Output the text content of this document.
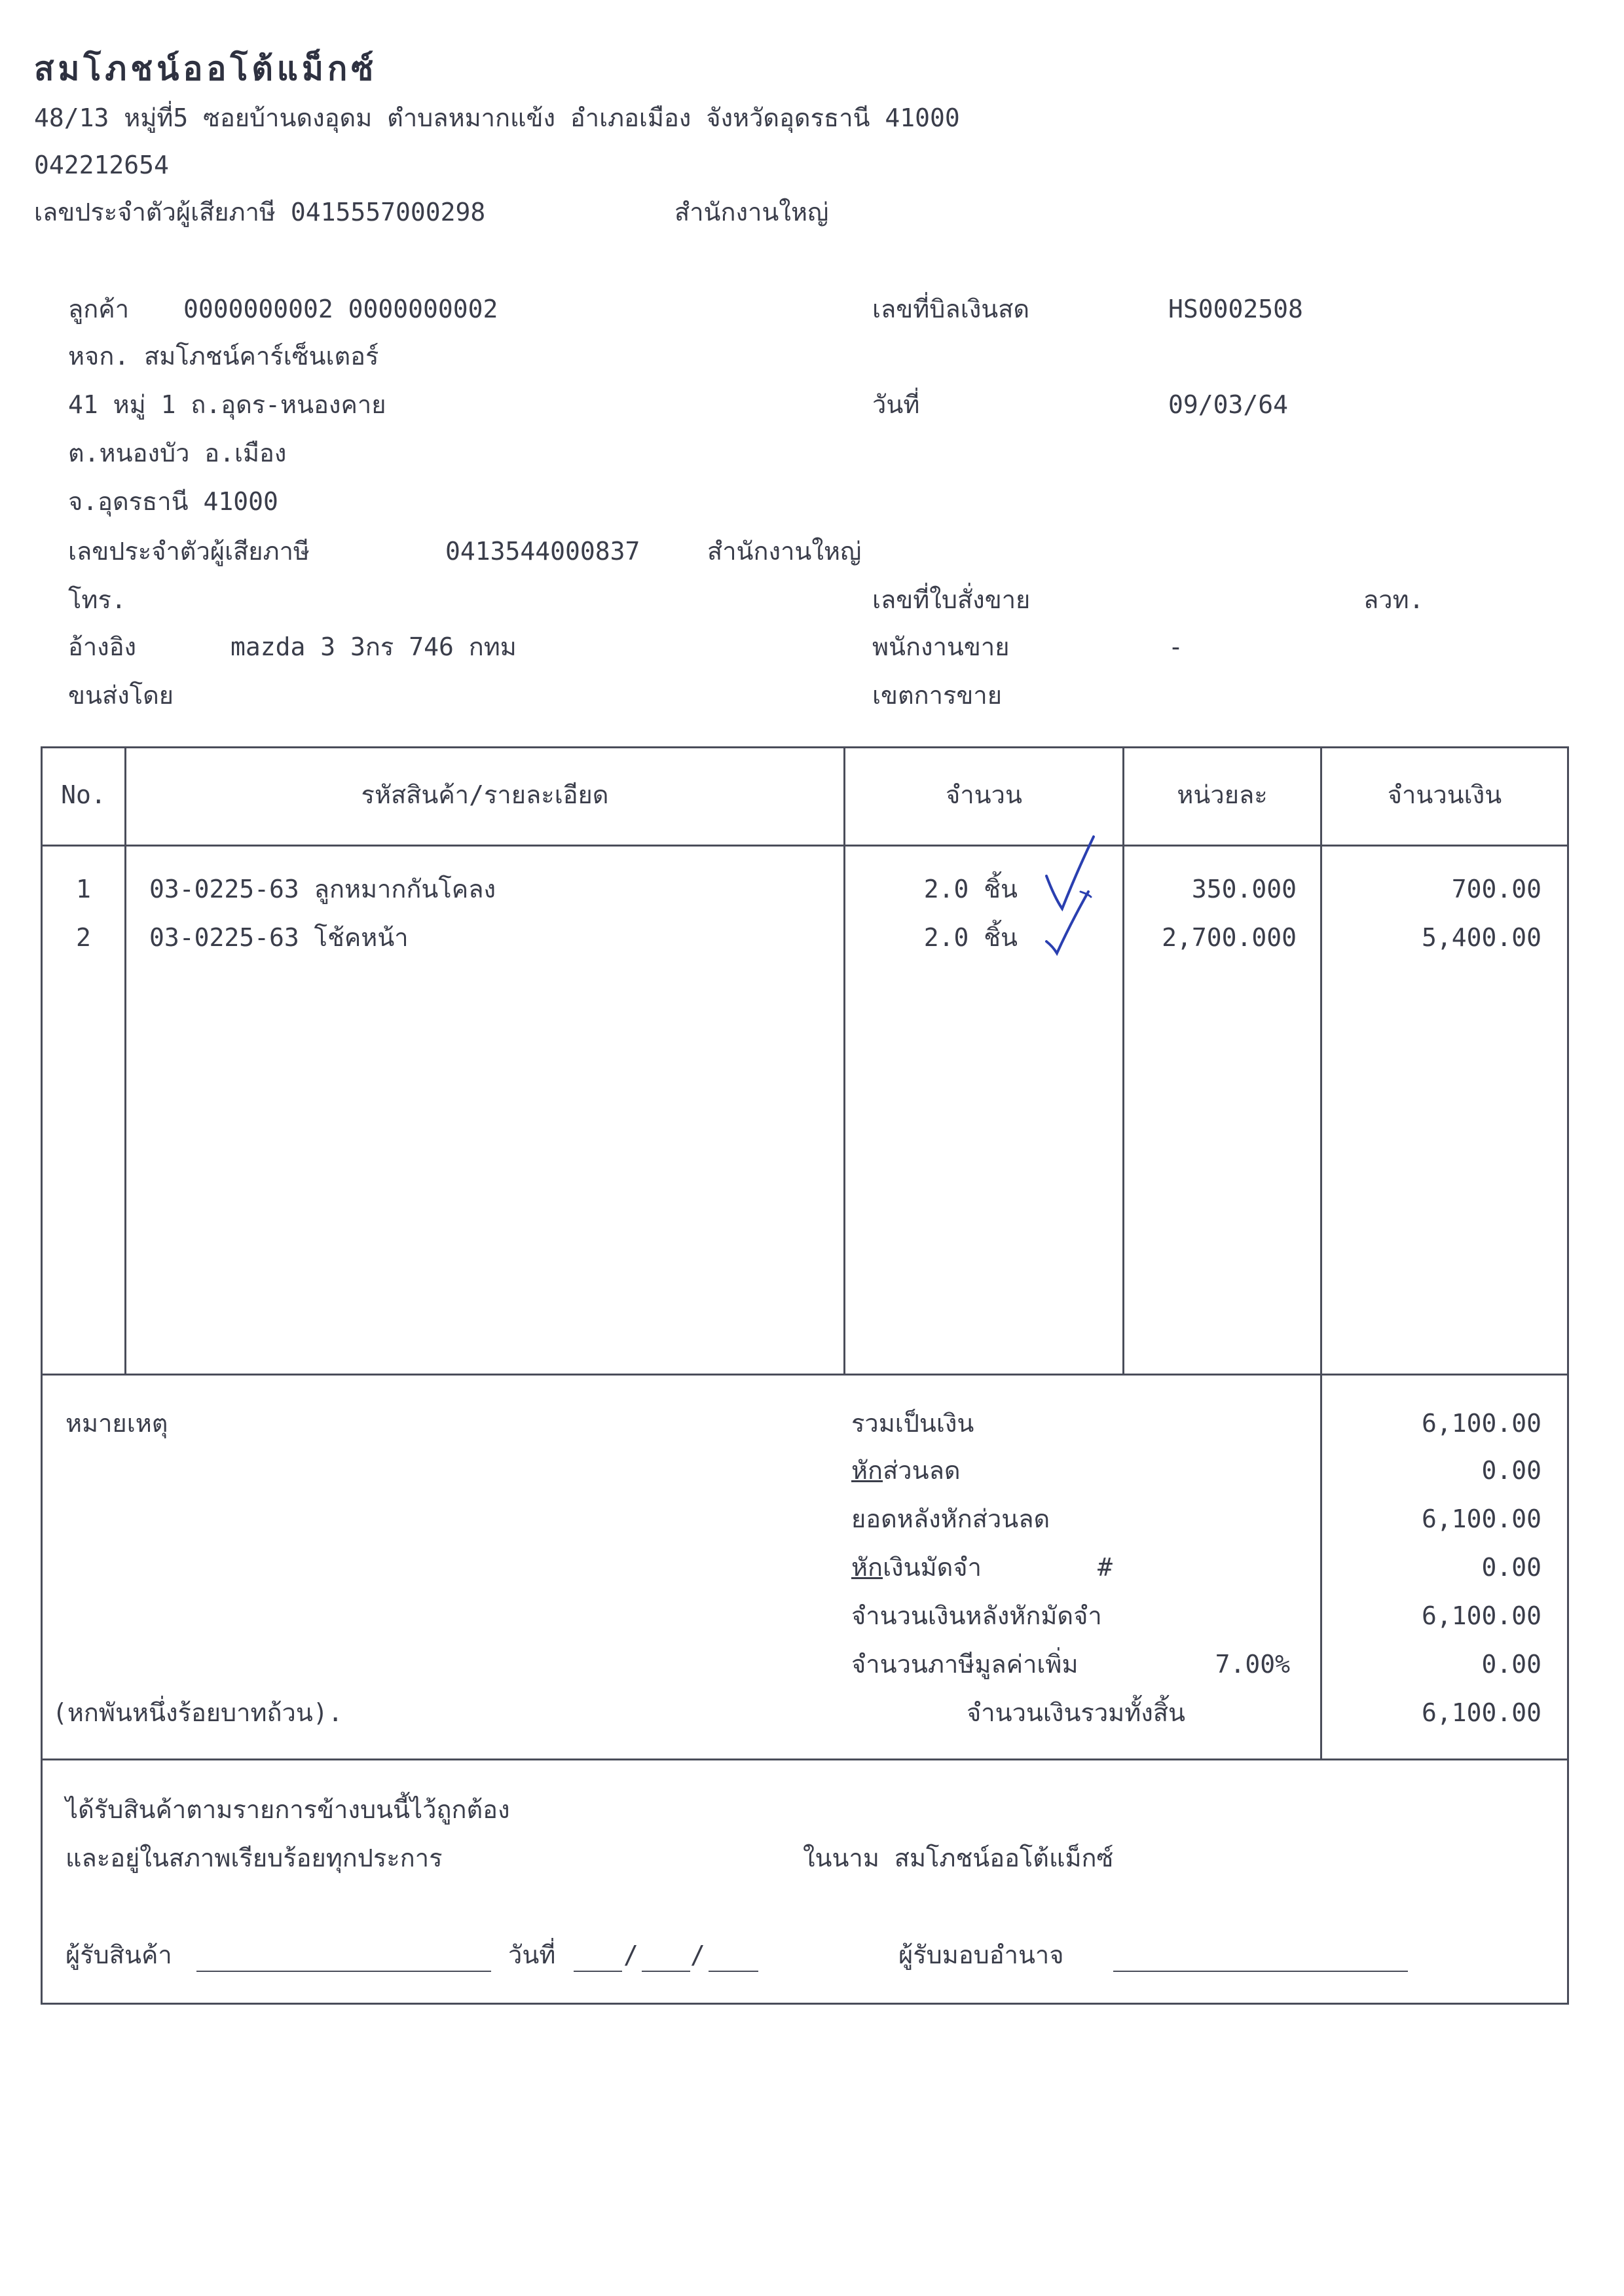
สมโภชน์ออโต้แม็กซ์
48/13 หมู่ที่5 ซอยบ้านดงอุดม ตำบลหมากแข้ง อำเภอเมือง จังหวัดอุดรธานี 41000
042212654
เลขประจำตัวผู้เสียภาษี 0415557000298	สำนักงานใหญ่
ลูกค้า 0000000002 0000000002
หจก. สมโภชน์คาร์เซ็นเตอร์
41 หมู่ 1 ถ.อุดร-หนองคาย
ต.หนองบัว อ.เมือง
จ.อุดรธานี 41000
เลขประจำตัวผู้เสียภาษี	0413544000837	สำนักงานใหญ่
โทร.
อ้างอิง	mazda 3 3กร 746 กทม
ขนส่งโดย
เลขที่บิลเงินสด	HS0002508
วันที่	09/03/64
เลขที่ใบสั่งขาย	ลวท.
พนักงานขาย	-
เขตการขาย
No.	รหัสสินค้า/รายละเอียด	จำนวน	หน่วยละ	จำนวนเงิน
1	03-0225-63 ลูกหมากกันโคลง	2.0 ชิ้น	350.000	700.00
2	03-0225-63 โช้คหน้า	2.0 ชิ้น	2,700.000	5,400.00
หมายเหตุ	รวมเป็นเงิน	6,100.00
หักส่วนลด	0.00
ยอดหลังหักส่วนลด	6,100.00
หักเงินมัดจำ	#	0.00
จำนวนเงินหลังหักมัดจำ	6,100.00
จำนวนภาษีมูลค่าเพิ่ม	7.00%	0.00
(หกพันหนึ่งร้อยบาทถ้วน).	จำนวนเงินรวมทั้งสิ้น	6,100.00
ได้รับสินค้าตามรายการข้างบนนี้ไว้ถูกต้อง
และอยู่ในสภาพเรียบร้อยทุกประการ	ในนาม สมโภชน์ออโต้แม็กซ์
ผู้รับสินค้า	วันที่	/ /	ผู้รับมอบอำนาจ
